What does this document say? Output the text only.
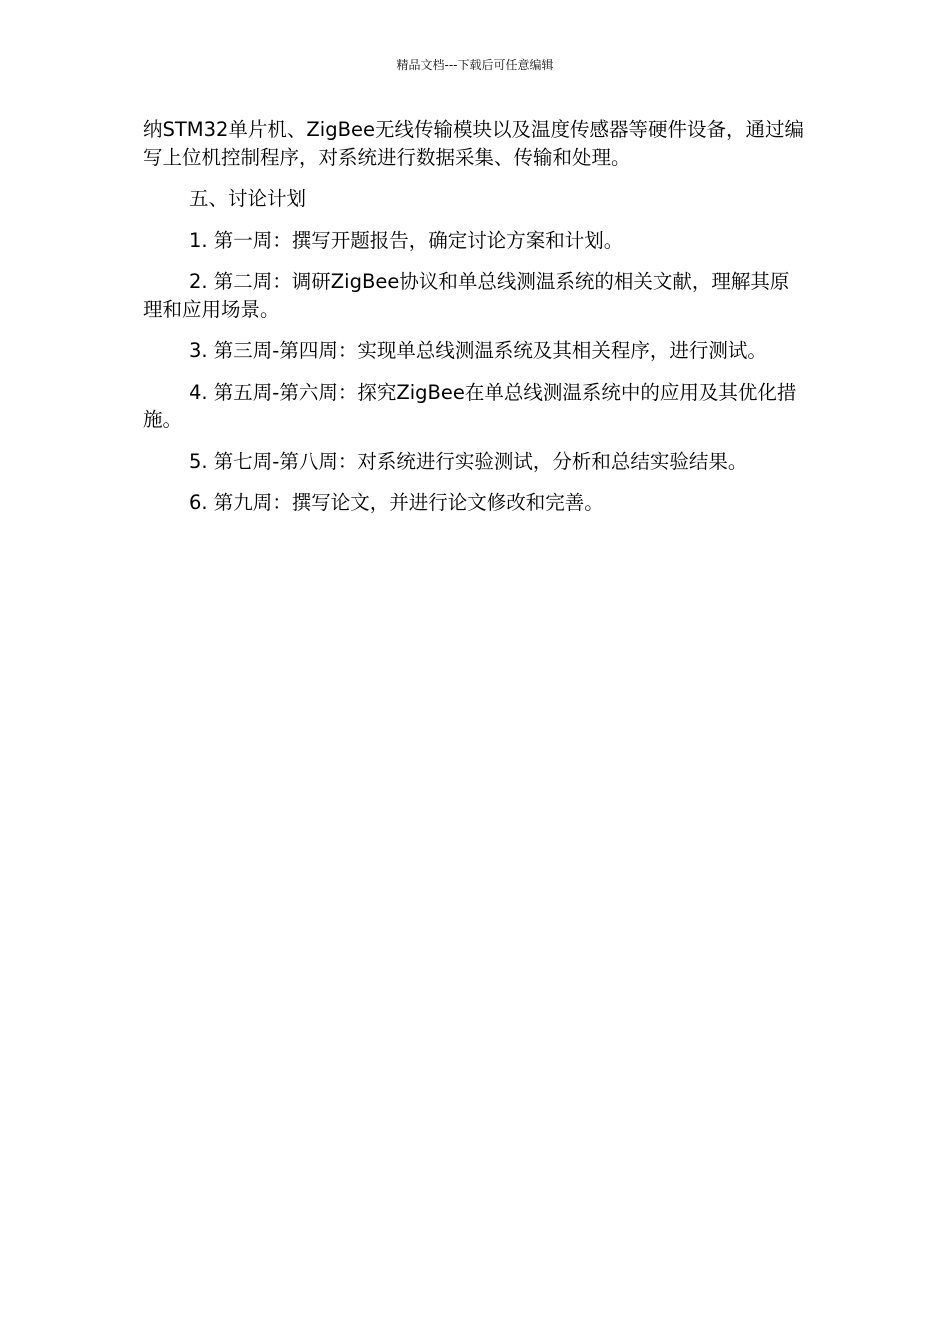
精品文档---下载后可任意编辑

纳STM32单片机、ZigBee无线传输模块以及温度传感器等硬件设备，通过编写上位机控制程序，对系统进行数据采集、传输和处理。

五、讨论计划

1. 第一周：撰写开题报告，确定讨论方案和计划。

2. 第二周：调研ZigBee协议和单总线测温系统的相关文献，理解其原理和应用场景。

3. 第三周-第四周：实现单总线测温系统及其相关程序，进行测试。

4. 第五周-第六周：探究ZigBee在单总线测温系统中的应用及其优化措施。

5. 第七周-第八周：对系统进行实验测试，分析和总结实验结果。

6. 第九周：撰写论文，并进行论文修改和完善。
